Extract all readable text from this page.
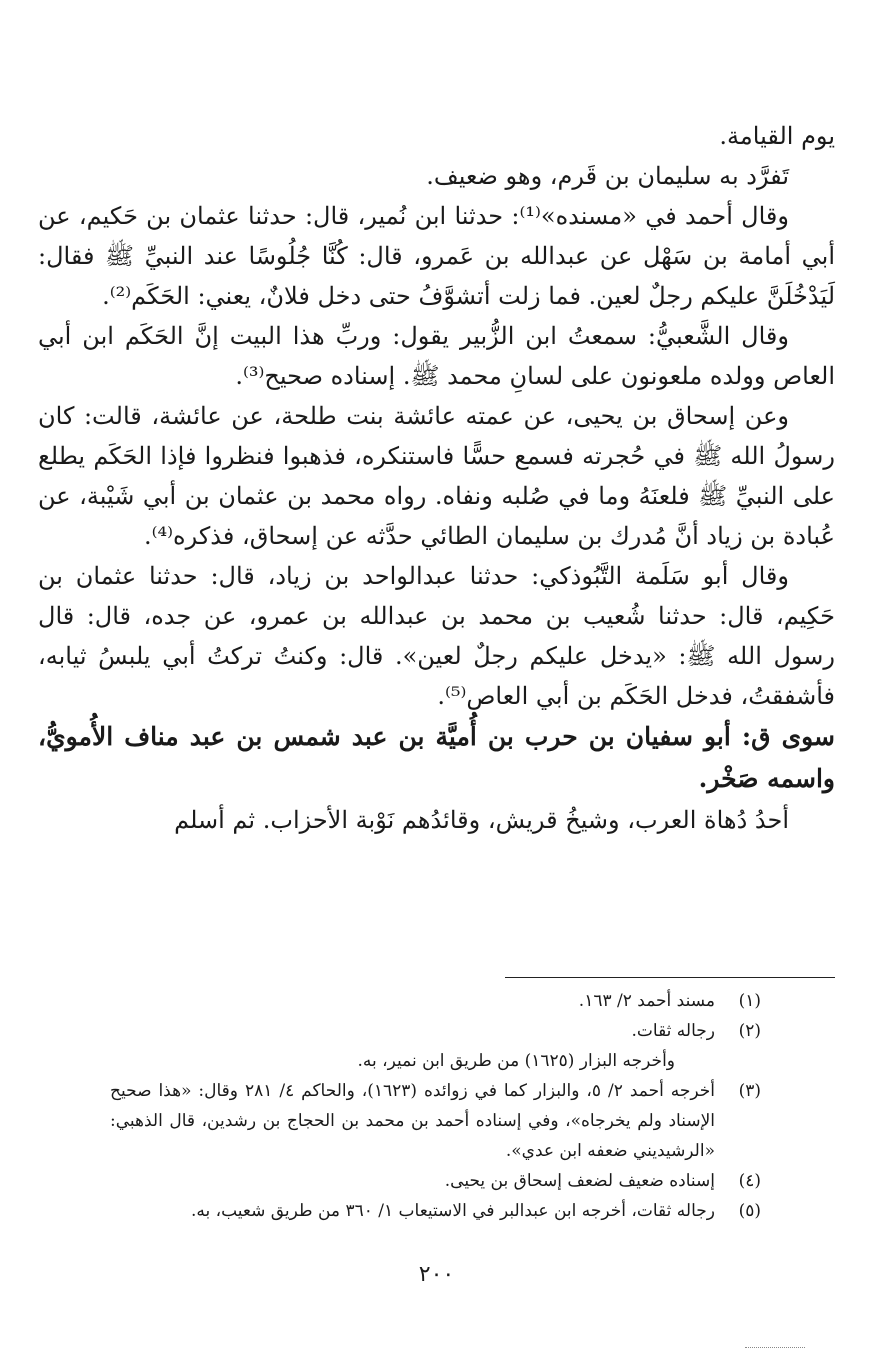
يوم القيامة.

تَفرَّد به سليمان بن قَرم، وهو ضعيف.

وقال أحمد في «مسنده»⁽¹⁾: حدثنا ابن نُمير، قال: حدثنا عثمان بن حَكيم، عن أبي أمامة بن سَهْل عن عبدالله بن عَمرو، قال: كُنَّا جُلُوسًا عند النبيِّ ﷺ فقال: لَيَدْخُلَنَّ عليكم رجلٌ لعين. فما زلت أتشوَّفُ حتى دخل فلانٌ، يعني: الحَكَم⁽²⁾.

وقال الشَّعبيُّ: سمعتُ ابن الزُّبير يقول: وربِّ هذا البيت إنَّ الحَكَم ابن أبي العاص وولده ملعونون على لسانِ محمد ﷺ. إسناده صحيح⁽³⁾.

وعن إسحاق بن يحيى، عن عمته عائشة بنت طلحة، عن عائشة، قالت: كان رسولُ الله ﷺ في حُجرته فسمع حسًّا فاستنكره، فذهبوا فنظروا فإذا الحَكَم يطلع على النبيِّ ﷺ فلعنَهُ وما في صُلبه ونفاه. رواه محمد بن عثمان بن أبي شَيْبة، عن عُبادة بن زياد أنَّ مُدرك بن سليمان الطائي حدَّثه عن إسحاق، فذكره⁽⁴⁾.

وقال أبو سَلَمة التَّبُوذكي: حدثنا عبدالواحد بن زياد، قال: حدثنا عثمان بن حَكِيم، قال: حدثنا شُعيب بن محمد بن عبدالله بن عمرو، عن جده، قال: قال رسول الله ﷺ: «يدخل عليكم رجلٌ لعين». قال: وكنتُ تركتُ أبي يلبسُ ثيابه، فأشفقتُ، فدخل الحَكَم بن أبي العاص⁽⁵⁾.

سوى ق: أبو سفيان بن حرب بن أُميَّة بن عبد شمس بن عبد مناف الأُمويُّ، واسمه صَخْر.

أحدُ دُهاة العرب، وشيخُ قريش، وقائدُهم نَوْبة الأحزاب. ثم أسلم

(١)
مسند أحمد ٢/ ١٦٣.
(٢)
رجاله ثقات.

وأخرجه البزار (١٦٢٥) من طريق ابن نمير، به.

(٣)
أخرجه أحمد ٢/ ٥، والبزار كما في زوائده (١٦٢٣)، والحاكم ٤/ ٢٨١ وقال: «هذا صحيح الإسناد ولم يخرجاه»، وفي إسناده أحمد بن محمد بن الحجاج بن رشدين، قال الذهبي: «الرشيديني ضعفه ابن عدي».
(٤)
إسناده ضعيف لضعف إسحاق بن يحيى.
(٥)
رجاله ثقات، أخرجه ابن عبدالبر في الاستيعاب ١/ ٣٦٠ من طريق شعيب، به.
٢٠٠
